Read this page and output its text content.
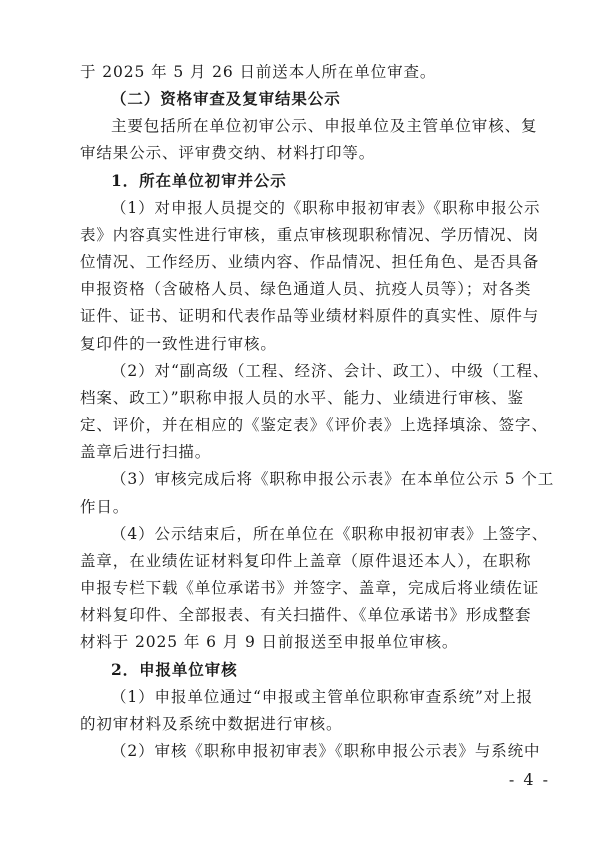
于 2025 年 5 月 26 日前送本人所在单位审查。
（二）资格审查及复审结果公示
主要包括所在单位初审公示、申报单位及主管单位审核、复
审结果公示、评审费交纳、材料打印等。
1．所在单位初审并公示
（1）对申报人员提交的《职称申报初审表》《职称申报公示
表》内容真实性进行审核，重点审核现职称情况、学历情况、岗
位情况、工作经历、业绩内容、作品情况、担任角色、是否具备
申报资格（含破格人员、绿色通道人员、抗疫人员等）；对各类
证件、证书、证明和代表作品等业绩材料原件的真实性、原件与
复印件的一致性进行审核。
（2）对“副高级（工程、经济、会计、政工）、中级（工程、
档案、政工）”职称申报人员的水平、能力、业绩进行审核、鉴
定、评价，并在相应的《鉴定表》《评价表》上选择填涂、签字、
盖章后进行扫描。
（3）审核完成后将《职称申报公示表》在本单位公示 5 个工
作日。
（4）公示结束后，所在单位在《职称申报初审表》上签字、
盖章，在业绩佐证材料复印件上盖章（原件退还本人），在职称
申报专栏下载《单位承诺书》并签字、盖章，完成后将业绩佐证
材料复印件、全部报表、有关扫描件、《单位承诺书》形成整套
材料于 2025 年 6 月 9 日前报送至申报单位审核。
2．申报单位审核
（1）申报单位通过“申报或主管单位职称审查系统”对上报
的初审材料及系统中数据进行审核。
（2）审核《职称申报初审表》《职称申报公示表》与系统中
- 4 -
